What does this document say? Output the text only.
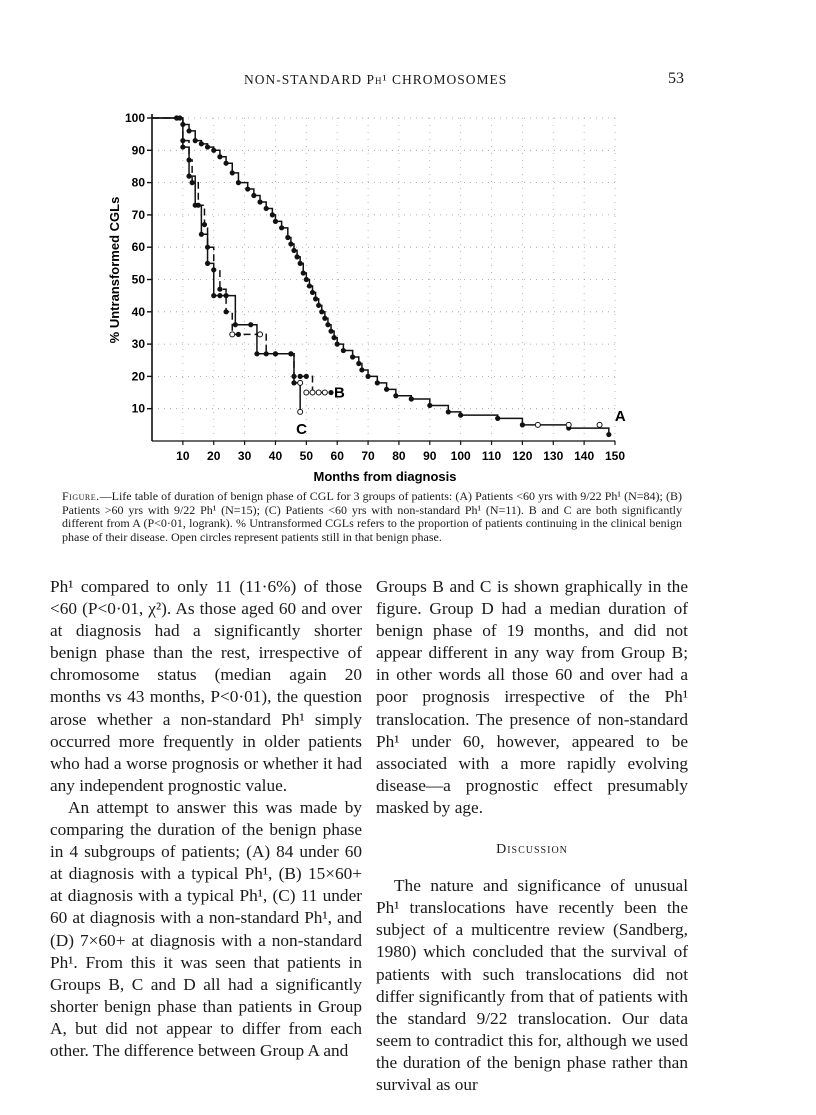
NON-STANDARD Ph¹ CHROMOSOMES	53
10
20
30
40
50
60
70
80
90
100
10 20 30 40 50 60 70 80 90 100 110 120 130 140 150
A
B
C
% Untransformed CGLs
Months from diagnosis
Figure.—Life table of duration of benign phase of CGL for 3 groups of patients: (A) Patients <60 yrs with 9/22 Ph¹ (N=84); (B) Patients >60 yrs with 9/22 Ph¹ (N=15); (C) Patients <60 yrs with non-standard Ph¹ (N=11). B and C are both significantly different from A (P<0·01, logrank). % Untransformed CGLs refers to the proportion of patients continuing in the clinical benign phase of their disease. Open circles represent patients still in that benign phase.

Ph¹ compared to only 11 (11·6%) of those <60 (P<0·01, χ²). As those aged 60 and over at diagnosis had a significantly shorter benign phase than the rest, irrespective of chromosome status (median again 20 months vs 43 months, P<0·01), the question arose whether a non-standard Ph¹ simply occurred more frequently in older patients who had a worse prognosis or whether it had any independent prognostic value.

An attempt to answer this was made by comparing the duration of the benign phase in 4 subgroups of patients; (A) 84 under 60 at diagnosis with a typical Ph¹, (B) 15×60+ at diagnosis with a typical Ph¹, (C) 11 under 60 at diagnosis with a non-standard Ph¹, and (D) 7×60+ at diagnosis with a non-standard Ph¹. From this it was seen that patients in Groups B, C and D all had a significantly shorter benign phase than patients in Group A, but did not appear to differ from each other. The difference between Group A and

Groups B and C is shown graphically in the figure. Group D had a median duration of benign phase of 19 months, and did not appear different in any way from Group B; in other words all those 60 and over had a poor prognosis irrespective of the Ph¹ translocation. The presence of non-standard Ph¹ under 60, however, appeared to be associated with a more rapidly evolving disease—a prognostic effect presumably masked by age.

Discussion

The nature and significance of unusual Ph¹ translocations have recently been the subject of a multicentre review (Sandberg, 1980) which concluded that the survival of patients with such translocations did not differ significantly from that of patients with the standard 9/22 translocation. Our data seem to contradict this for, although we used the duration of the benign phase rather than survival as our
